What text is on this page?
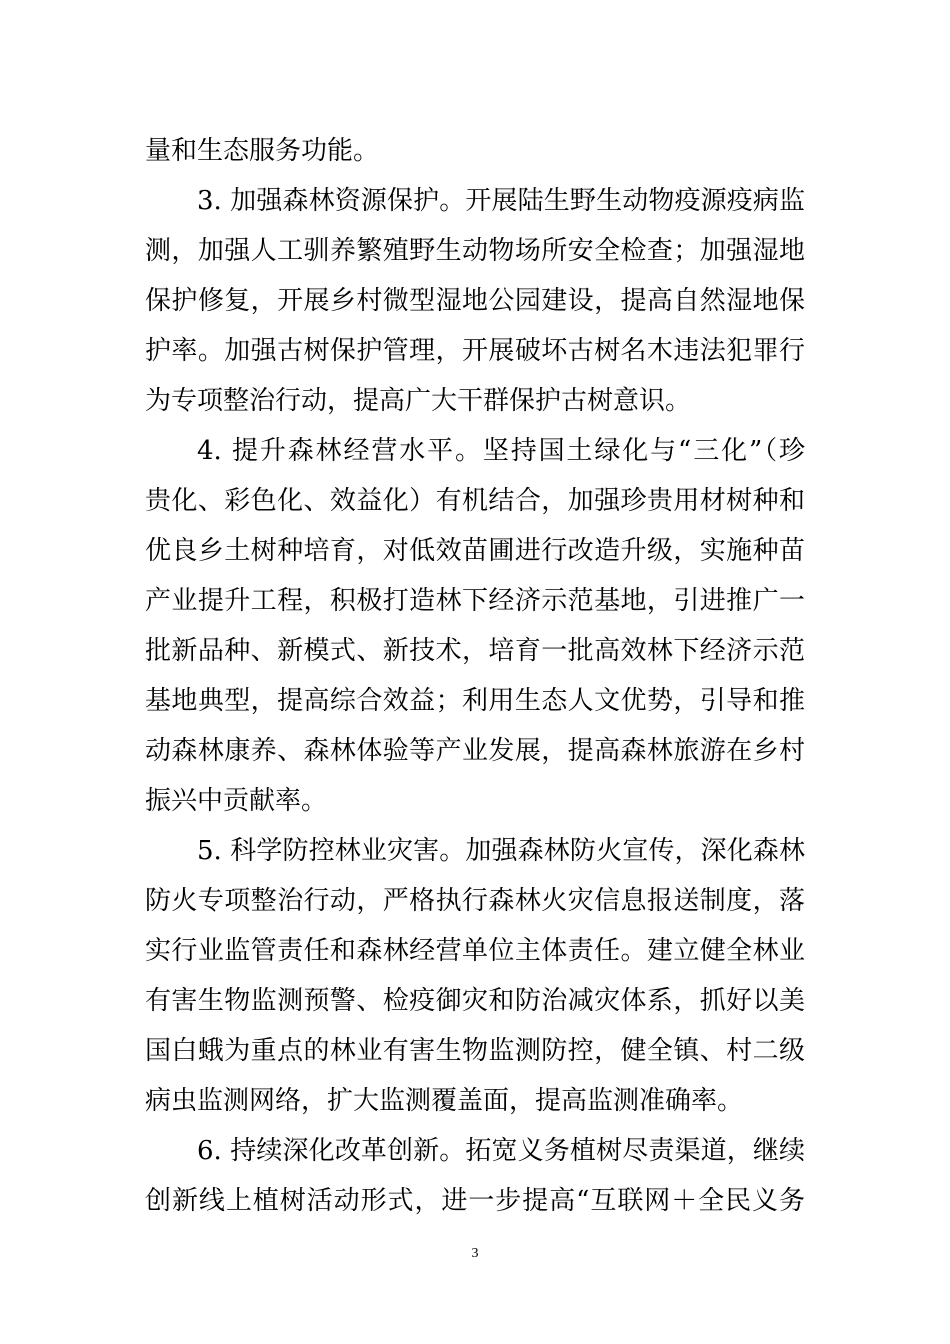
量和生态服务功能。
3. 加强森林资源保护。开展陆生野生动物疫源疫病监
测，加强人工驯养繁殖野生动物场所安全检查；加强湿地
保护修复，开展乡村微型湿地公园建设，提高自然湿地保
护率。加强古树保护管理，开展破坏古树名木违法犯罪行
为专项整治行动，提高广大干群保护古树意识。
4. 提升森林经营水平。坚持国土绿化与“三化”（珍
贵化、彩色化、效益化）有机结合，加强珍贵用材树种和
优良乡土树种培育，对低效苗圃进行改造升级，实施种苗
产业提升工程，积极打造林下经济示范基地，引进推广一
批新品种、新模式、新技术，培育一批高效林下经济示范
基地典型，提高综合效益；利用生态人文优势，引导和推
动森林康养、森林体验等产业发展，提高森林旅游在乡村
振兴中贡献率。
5. 科学防控林业灾害。加强森林防火宣传，深化森林
防火专项整治行动，严格执行森林火灾信息报送制度，落
实行业监管责任和森林经营单位主体责任。建立健全林业
有害生物监测预警、检疫御灾和防治减灾体系，抓好以美
国白蛾为重点的林业有害生物监测防控，健全镇、村二级
病虫监测网络，扩大监测覆盖面，提高监测准确率。
6. 持续深化改革创新。拓宽义务植树尽责渠道，继续
创新线上植树活动形式，进一步提高“互联网＋全民义务
3
